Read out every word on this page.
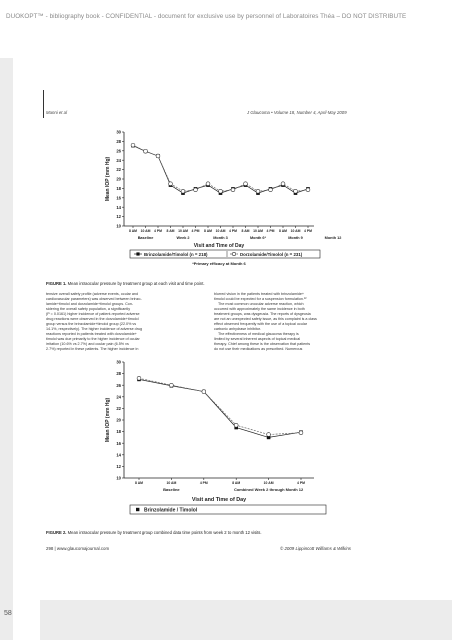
DUOKOPT™ - bibliography book - CONFIDENTIAL - document for exclusive use by personnel of Laboratoires Théa – DO NOT DISTRIBUTE
58
Manni et al	J Glaucoma • Volume 18, Number 4, April-May 2009
10
12
14
16
18
20
22
24
26
28
30
Mean IOP (mm Hg)
8 AM 10 AM 4 PM 8 AM 10 AM 4 PM 8 AM 10 AM 4 PM 8 AM 10 AM 4 PM 8 AM 10 AM 4 PM
Baseline	Week 2	Month 3	Month 6*	Month 9	Month 12
Visit and Time of Day
Brinzolamide/Timolol (n = 218)	Dorzolamide/Timolol (n = 231)
*Primary efficacy at Month 6
FIGURE 1. Mean intraocular pressure by treatment group at each visit and time point.
tensive overall safety profile (adverse events, ocular and
cardiovascular parameters) was observed between brinzo-
lamide+timolol and dorzolamide+timolol groups. Con-
sidering the overall safety population, a significantly
(P = 0.0161) higher incidence of patient-reported adverse
drug reactions were observed in the dorzolamide+timolol
group versus the brinzolamide+timolol group (22.0% vs
14.1%, respectively). The higher incidence of adverse drug
reactions reported in patients treated with dorzolamide+
timolol was due primarily to the higher incidence of ocular
irritation (10.6% vs 2.7%) and ocular pain (6.5% vs
2.7%) reported in these patients. The higher incidence in
blurred vision in the patients treated with brinzolamide+
timolol could be expected for a suspension formulation.²²
The most common unocular adverse reaction, which
occurred with approximately the same incidence in both
treatment groups, was dysgeusia. The reports of dysgeusia
are not an unexpected safety issue, as this complaint is a class
effect observed frequently with the use of a topical ocular
carbonic anhydrase inhibitor.
The effectiveness of medical glaucoma therapy is
limited by several inherent aspects of topical medical
therapy. Chief among these is the observation that patients
do not use their medications as prescribed. Numerous
10
12
14
16
18
20
22
24
26
28
30
Mean IOP (mm Hg)
8 AM	10 AM	4 PM	8 AM	10 AM	4 PM
Baseline	Combined Week 2 through Month 12
Visit and Time of Day
Brinzolamide / Timolol
FIGURE 2. Mean intraocular pressure by treatment group combined data time points from week 2 to month 12 visits.
298 | www.glaucomajournal.com	© 2009 Lippincott Williams & Wilkins
